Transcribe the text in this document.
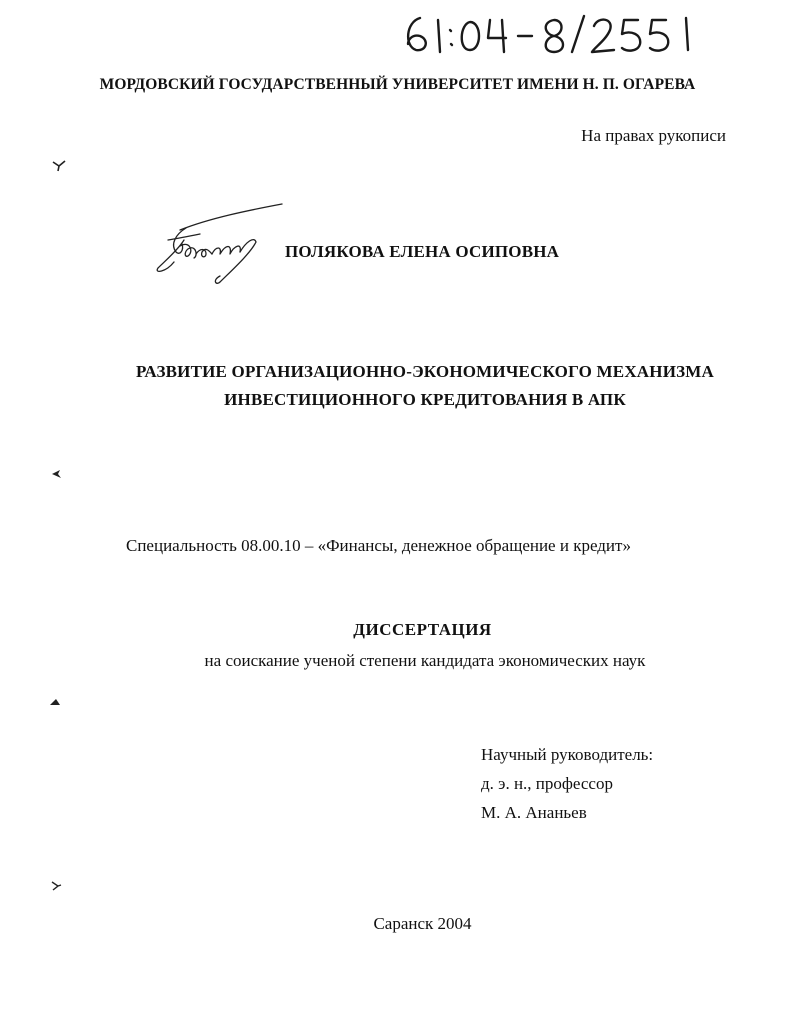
МОРДОВСКИЙ ГОСУДАРСТВЕННЫЙ УНИВЕРСИТЕТ ИМЕНИ Н. П. ОГАРЕВА
На правах рукописи
ПОЛЯКОВА ЕЛЕНА ОСИПОВНА
РАЗВИТИЕ ОРГАНИЗАЦИОННО-ЭКОНОМИЧЕСКОГО МЕХАНИЗМА
ИНВЕСТИЦИОННОГО КРЕДИТОВАНИЯ В АПК
Специальность 08.00.10 – «Финансы, денежное обращение и кредит»
ДИССЕРТАЦИЯ
на соискание ученой степени кандидата экономических наук
Научный руководитель:
д. э. н., профессор
М. А. Ананьев
Саранск 2004
